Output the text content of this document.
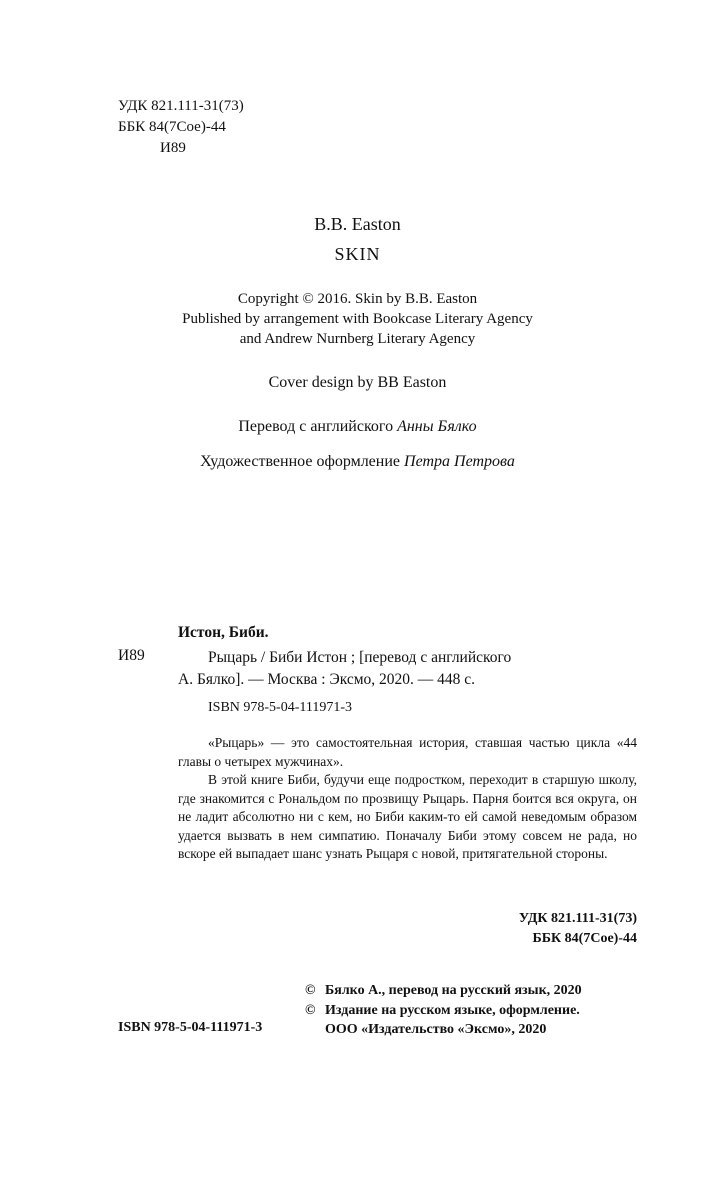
УДК 821.111-31(73)
ББК 84(7Сое)-44
И89
B.B. Easton
SKIN
Copyright © 2016. Skin by B.B. Easton
Published by arrangement with Bookcase Literary Agency
and Andrew Nurnberg Literary Agency
Cover design by BB Easton
Перевод с английского Анны Бялко
Художественное оформление Петра Петрова
Истон, Биби.
И89	Рыцарь / Биби Истон ; [перевод с английского
А. Бялко]. — Москва : Эксмо, 2020. — 448 с.
ISBN 978-5-04-111971-3

«Рыцарь» — это самостоятельная история, ставшая частью цикла «44 главы о четырех мужчинах».

В этой книге Биби, будучи еще подростком, переходит в старшую школу, где знакомится с Рональдом по прозвищу Рыцарь. Парня боится вся округа, он не ладит абсолютно ни с кем, но Биби каким-то ей самой неведомым образом удается вызвать в нем симпатию. Поначалу Биби этому совсем не рада, но вскоре ей выпадает шанс узнать Рыцаря с новой, притягательной стороны.

УДК 821.111-31(73)
ББК 84(7Сое)-44
© Бялко А., перевод на русский язык, 2020
© Издание на русском языке, оформление.
ООО «Издательство «Эксмо», 2020
ISBN 978-5-04-111971-3
